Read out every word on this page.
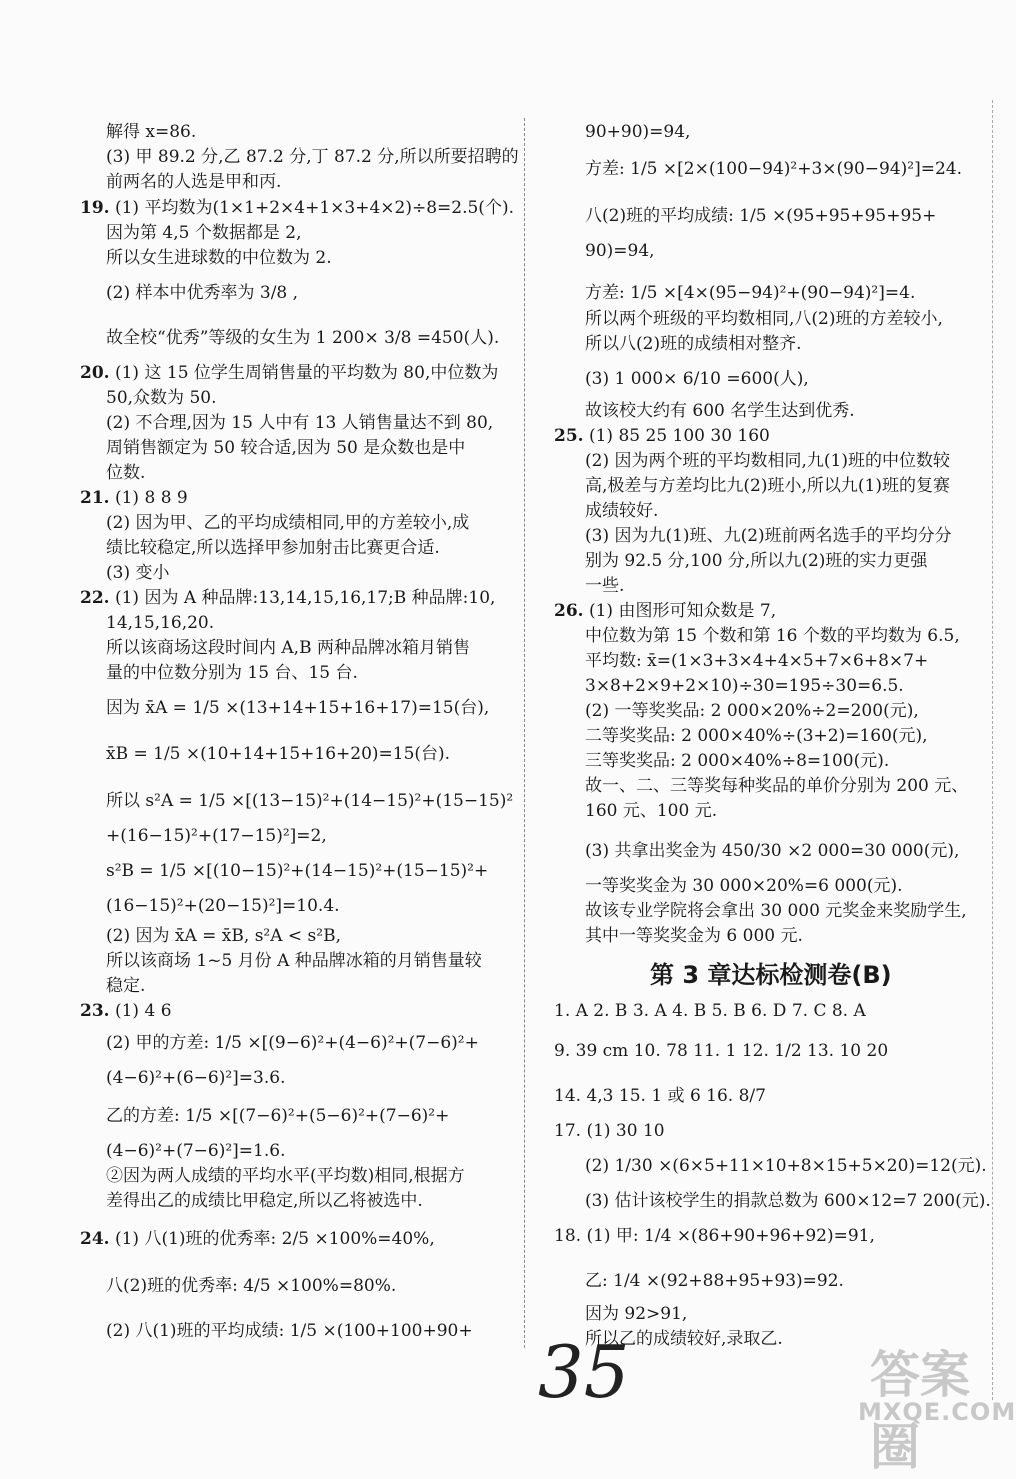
第 3 章达标检测卷(B)
35	答案圈
MXQE.COM
解得 x=86.
(3) 甲 89.2 分,乙 87.2 分,丁 87.2 分,所以所要招聘的
前两名的人选是甲和丙.
19. (1) 平均数为(1×1+2×4+1×3+4×2)÷8=2.5(个).
因为第 4,5 个数据都是 2,
所以女生进球数的中位数为 2.
(2) 样本中优秀率为 3/8 ,
故全校“优秀”等级的女生为 1 200× 3/8 =450(人).
20. (1) 这 15 位学生周销售量的平均数为 80,中位数为
50,众数为 50.
(2) 不合理,因为 15 人中有 13 人销售量达不到 80,
周销售额定为 50 较合适,因为 50 是众数也是中
位数.
21. (1) 8 8 9
(2) 因为甲、乙的平均成绩相同,甲的方差较小,成
绩比较稳定,所以选择甲参加射击比赛更合适.
(3) 变小
22. (1) 因为 A 种品牌:13,14,15,16,17;B 种品牌:10,
14,15,16,20.
所以该商场这段时间内 A,B 两种品牌冰箱月销售
量的中位数分别为 15 台、15 台.
因为 x̄A = 1/5 ×(13+14+15+16+17)=15(台),
x̄B = 1/5 ×(10+14+15+16+20)=15(台).
所以 s²A = 1/5 ×[(13−15)²+(14−15)²+(15−15)²
+(16−15)²+(17−15)²]=2,
s²B = 1/5 ×[(10−15)²+(14−15)²+(15−15)²+
(16−15)²+(20−15)²]=10.4.
(2) 因为 x̄A = x̄B, s²A < s²B,
所以该商场 1~5 月份 A 种品牌冰箱的月销售量较
稳定.
23. (1) 4 6
(2) 甲的方差: 1/5 ×[(9−6)²+(4−6)²+(7−6)²+
(4−6)²+(6−6)²]=3.6.
乙的方差: 1/5 ×[(7−6)²+(5−6)²+(7−6)²+
(4−6)²+(7−6)²]=1.6.
②因为两人成绩的平均水平(平均数)相同,根据方
差得出乙的成绩比甲稳定,所以乙将被选中.
24. (1) 八(1)班的优秀率: 2/5 ×100%=40%,
八(2)班的优秀率: 4/5 ×100%=80%.
(2) 八(1)班的平均成绩: 1/5 ×(100+100+90+
90+90)=94,
方差: 1/5 ×[2×(100−94)²+3×(90−94)²]=24.
八(2)班的平均成绩: 1/5 ×(95+95+95+95+
90)=94,
方差: 1/5 ×[4×(95−94)²+(90−94)²]=4.
所以两个班级的平均数相同,八(2)班的方差较小,
所以八(2)班的成绩相对整齐.
(3) 1 000× 6/10 =600(人),
故该校大约有 600 名学生达到优秀.
25. (1) 85 25 100 30 160
(2) 因为两个班的平均数相同,九(1)班的中位数较
高,极差与方差均比九(2)班小,所以九(1)班的复赛
成绩较好.
(3) 因为九(1)班、九(2)班前两名选手的平均分分
别为 92.5 分,100 分,所以九(2)班的实力更强
一些.
26. (1) 由图形可知众数是 7,
中位数为第 15 个数和第 16 个数的平均数为 6.5,
平均数: x̄=(1×3+3×4+4×5+7×6+8×7+
3×8+2×9+2×10)÷30=195÷30=6.5.
(2) 一等奖奖品: 2 000×20%÷2=200(元),
二等奖奖品: 2 000×40%÷(3+2)=160(元),
三等奖奖品: 2 000×40%÷8=100(元).
故一、二、三等奖每种奖品的单价分别为 200 元、
160 元、100 元.
(3) 共拿出奖金为 450/30 ×2 000=30 000(元),
一等奖奖金为 30 000×20%=6 000(元).
故该专业学院将会拿出 30 000 元奖金来奖励学生,
其中一等奖奖金为 6 000 元.
1. A 2. B 3. A 4. B 5. B 6. D 7. C 8. A
9. 39 cm 10. 78 11. 1 12. 1/2 13. 10 20
14. 4,3 15. 1 或 6 16. 8/7
17. (1) 30 10
(2) 1/30 ×(6×5+11×10+8×15+5×20)=12(元).
(3) 估计该校学生的捐款总数为 600×12=7 200(元).
18. (1) 甲: 1/4 ×(86+90+96+92)=91,
乙: 1/4 ×(92+88+95+93)=92.
因为 92>91,
所以乙的成绩较好,录取乙.
